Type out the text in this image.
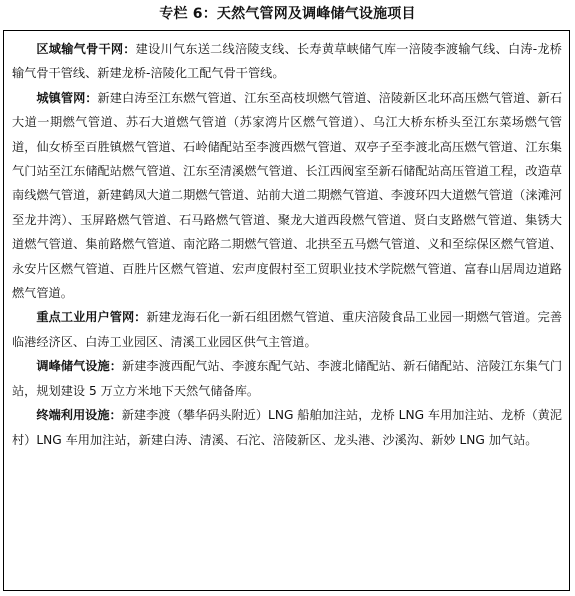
专栏 6：天然气管网及调峰储气设施项目

区域输气骨干网：建设川气东送二线涪陵支线、长寿黄草峡储气库一涪陵李渡输气线、白涛-龙桥输气骨干管线、新建龙桥-涪陵化工配气骨干管线。

城镇管网：新建白涛至江东燃气管道、江东至高枝坝燃气管道、涪陵新区北环高压燃气管道、新石大道一期燃气管道、苏石大道燃气管道（苏家湾片区燃气管道）、乌江大桥东桥头至江东菜场燃气管道，仙女桥至百胜镇燃气管道、石岭储配站至李渡西燃气管道、双亭子至李渡北高压燃气管道、江东集气门站至江东储配站燃气管道、江东至清溪燃气管道、长江西阀室至新石储配站高压管道工程，改造草南线燃气管道，新建鹤凤大道二期燃气管道、站前大道二期燃气管道、李渡环四大道燃气管道（涞滩河至龙井湾）、玉屏路燃气管道、石马路燃气管道、聚龙大道西段燃气管道、贤白支路燃气管道、集锈大道燃气管道、集前路燃气管道、南沱路二期燃气管道、北拱至五马燃气管道、义和至综保区燃气管道、永安片区燃气管道、百胜片区燃气管道、宏声度假村至工贸职业技术学院燃气管道、富春山居周边道路燃气管道。

重点工业用户管网：新建龙海石化一新石组团燃气管道、重庆涪陵食品工业园一期燃气管道。完善临港经济区、白涛工业园区、清溪工业园区供气主管道。

调峰储气设施：新建李渡西配气站、李渡东配气站、李渡北储配站、新石储配站、涪陵江东集气门站，规划建设 5 万立方米地下天然气储备库。

终端利用设施：新建李渡（攀华码头附近）LNG 船舶加注站，龙桥 LNG 车用加注站、龙桥（黄泥村）LNG 车用加注站，新建白涛、清溪、石沱、涪陵新区、龙头港、沙溪沟、新妙 LNG 加气站。
